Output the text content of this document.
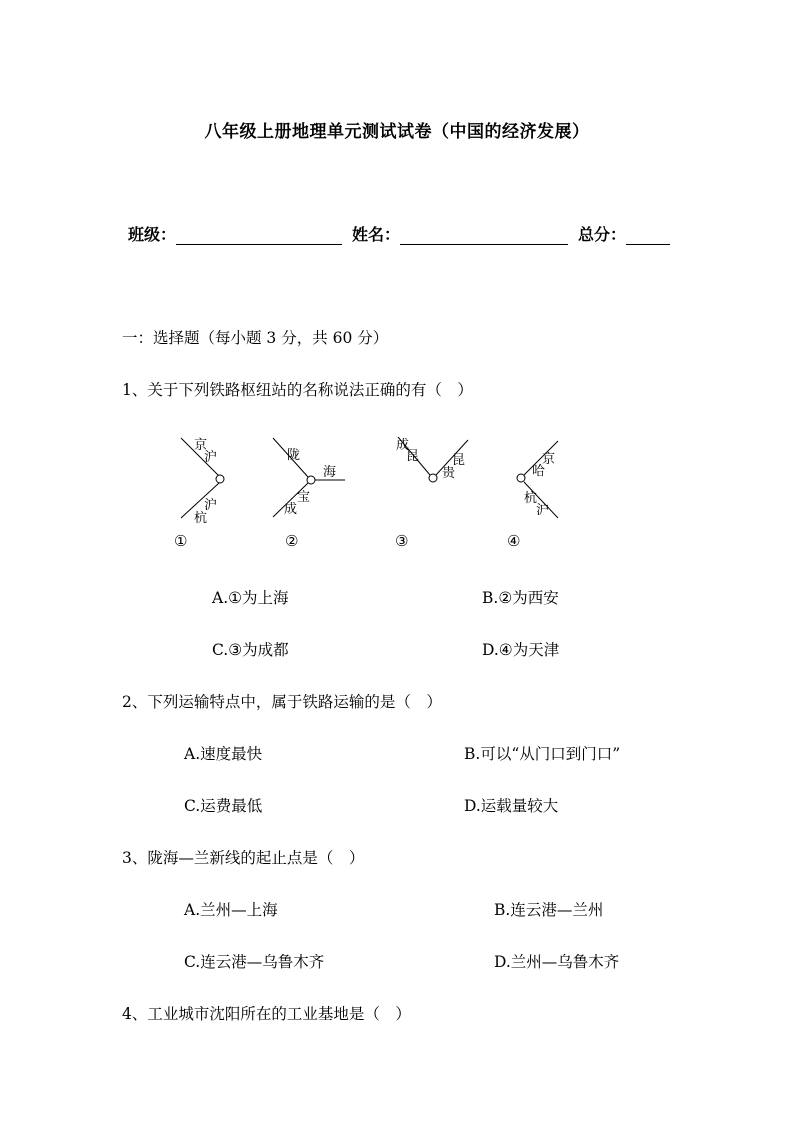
八年级上册地理单元测试试卷（中国的经济发展）
班级：	姓名：	总分：
一：选择题（每小题 3 分，共 60 分）
1、关于下列铁路枢纽站的名称说法正确的有（　）
京
沪
沪
杭
①
陇
海
宝
成
②
成
昆	昆
贵
③
京
哈
杭
沪
④
A.①为上海	B.②为西安
C.③为成都	D.④为天津
2、下列运输特点中，属于铁路运输的是（　）
A.速度最快	B.可以“从门口到门口”
C.运费最低	D.运载量较大
3、陇海—兰新线的起止点是（　）
A.兰州—上海	B.连云港—兰州
C.连云港—乌鲁木齐	D.兰州—乌鲁木齐
4、工业城市沈阳所在的工业基地是（　）
